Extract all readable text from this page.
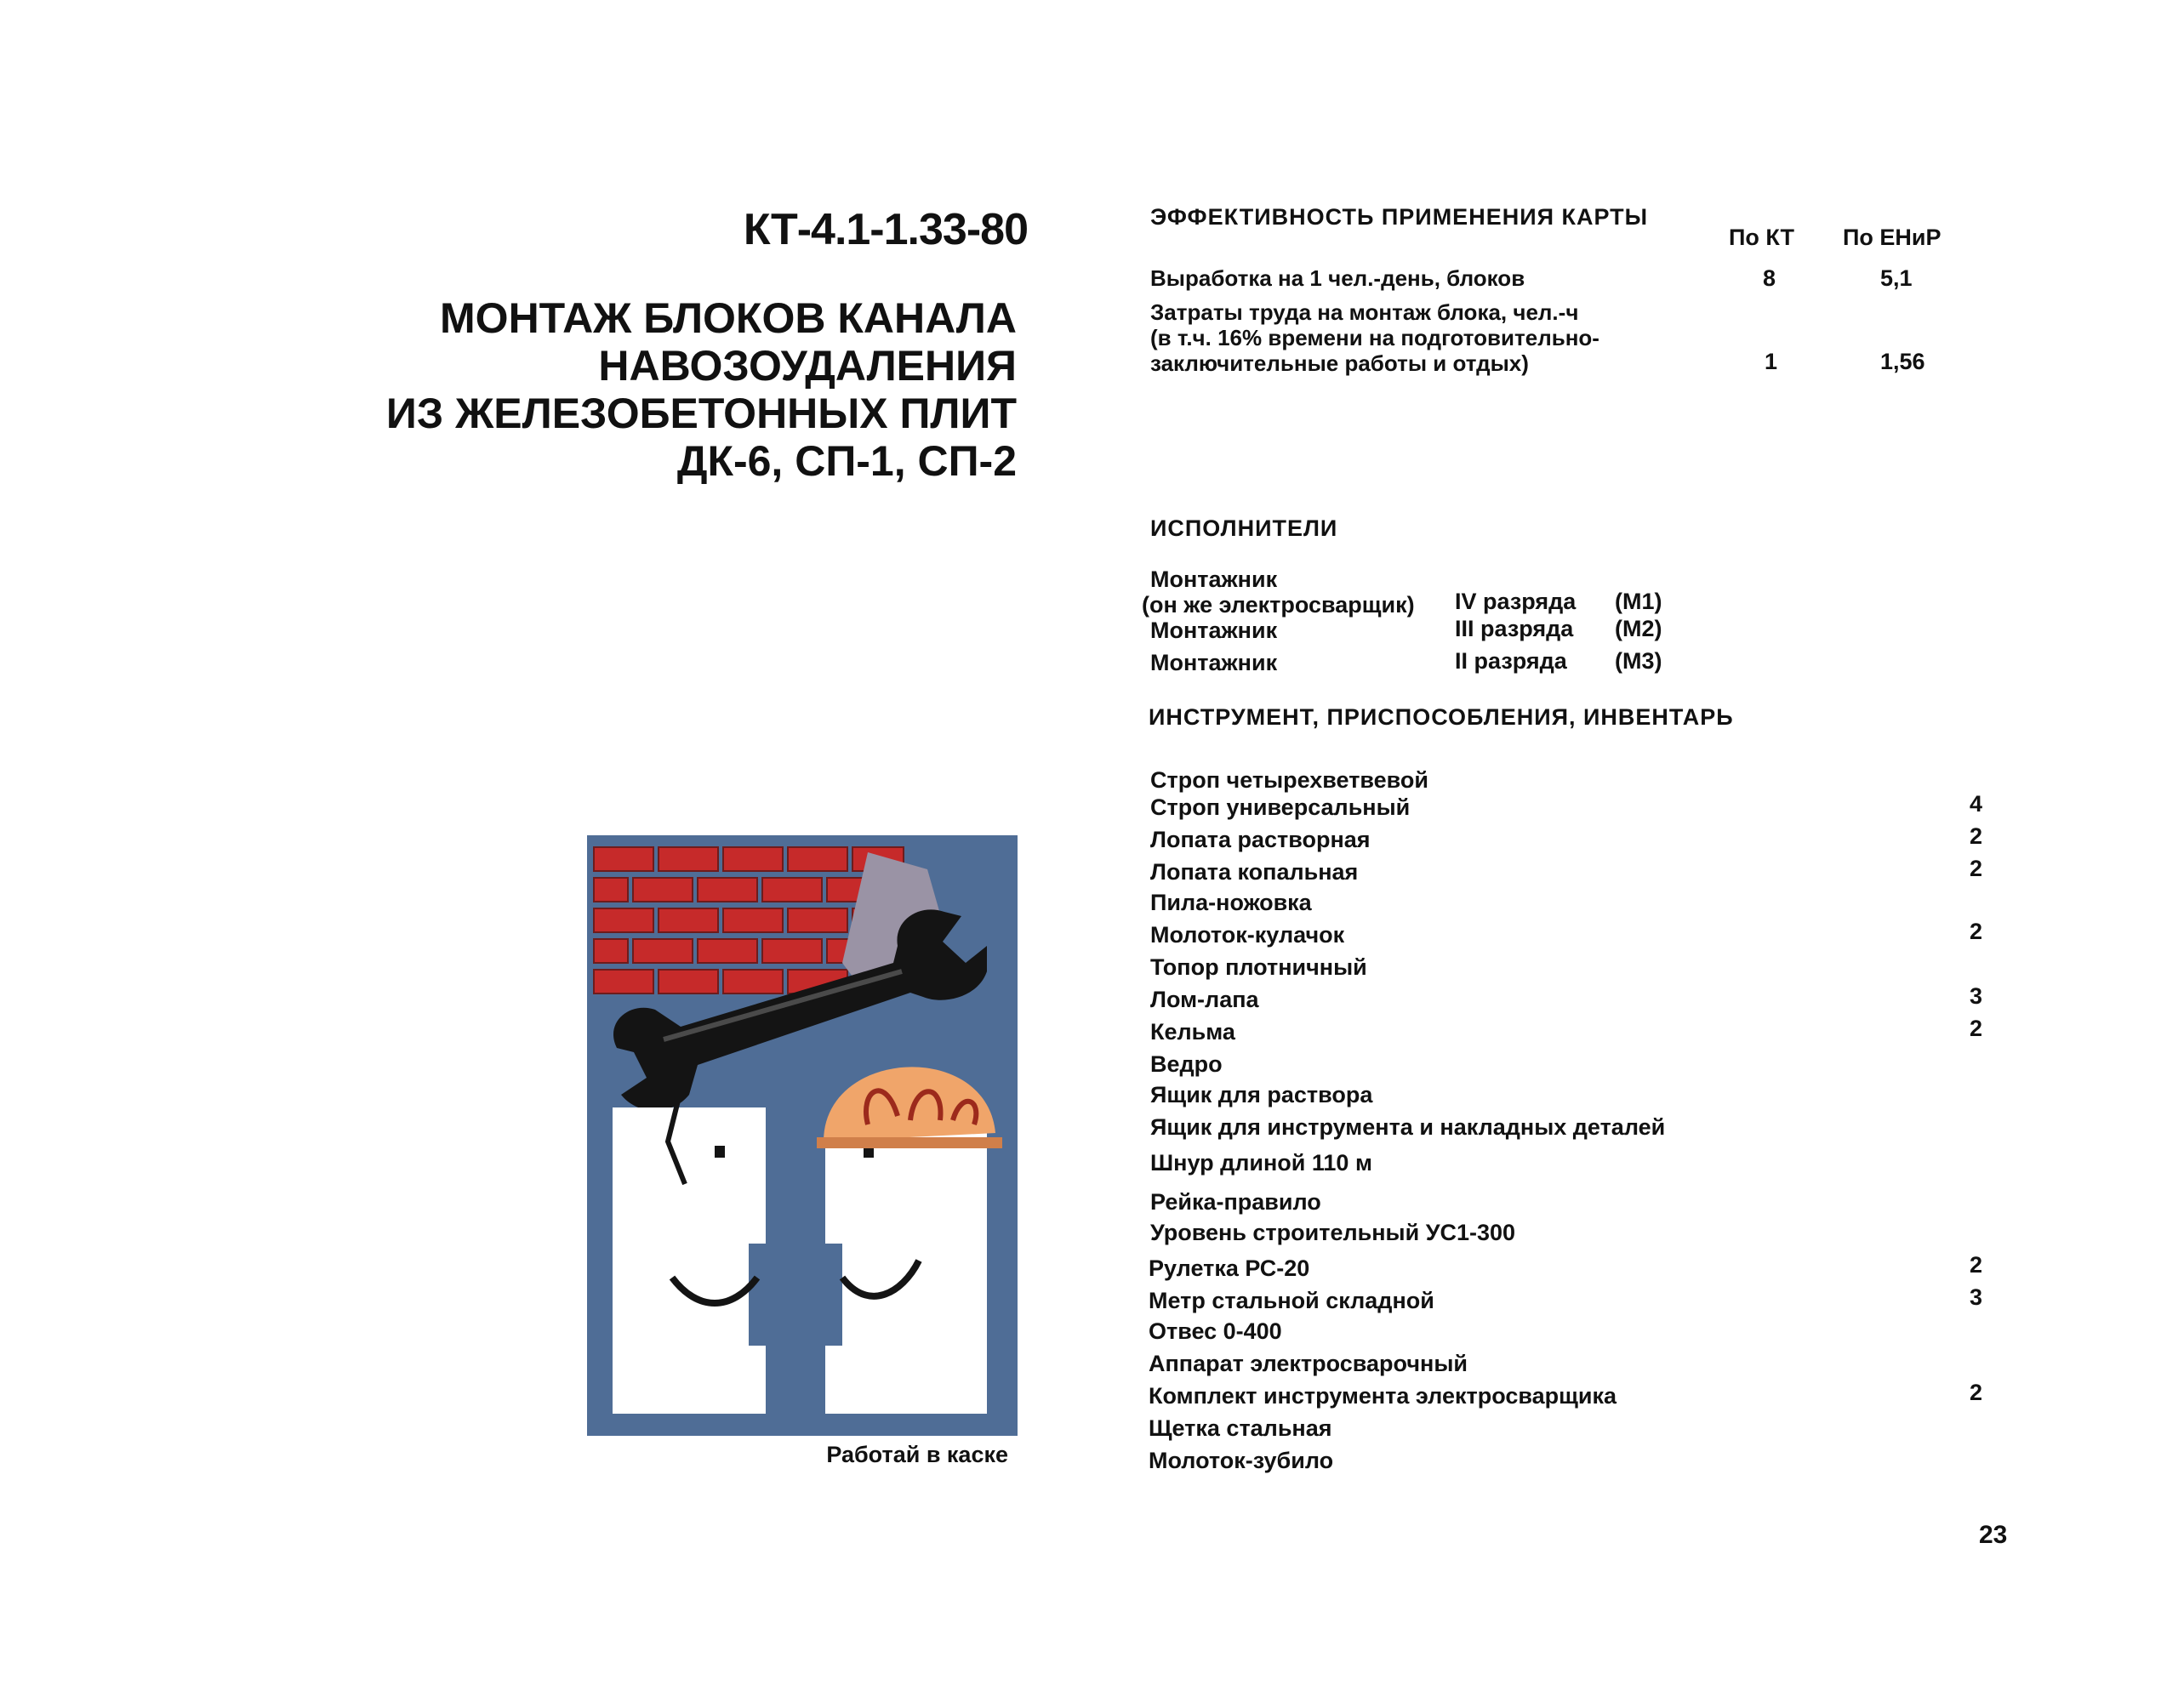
КТ-4.1-1.33-80
МОНТАЖ БЛОКОВ КАНАЛА
НАВОЗОУДАЛЕНИЯ
ИЗ ЖЕЛЕЗОБЕТОННЫХ ПЛИТ
ДК-6, СП-1, СП-2
Работай в каске
ЭФФЕКТИВНОСТЬ ПРИМЕНЕНИЯ КАРТЫ
По КТ По ЕНиР
Выработка на 1 чел.-день, блоков	8	5,1
Затраты труда на монтаж блока, чел.-ч
(в т.ч. 16% времени на подготовительно-
заключительные работы и отдых)	1	1,56
ИСПОЛНИТЕЛИ
Монтажник
(он же электросварщик) IV разряда (М1)
Монтажник	III разряда (М2)
Монтажник	II разряда (М3)
ИНСТРУМЕНТ, ПРИСПОСОБЛЕНИЯ, ИНВЕНТАРЬ
Строп четырехветвевой
Строп универсальный	4
Лопата растворная	2
Лопата копальная	2
Пила-ножовка
Молоток-кулачок	2
Топор плотничный
Лом-лапа	3
Кельма	2
Ведро
Ящик для раствора
Ящик для инструмента и накладных деталей
Шнур длиной 110 м
Рейка-правило
Уровень строительный УС1-300
Рулетка РС-20	2
Метр стальной складной	3
Отвес 0-400
Аппарат электросварочный
Комплект инструмента электросварщика	2
Щетка стальная
Молоток-зубило
23
